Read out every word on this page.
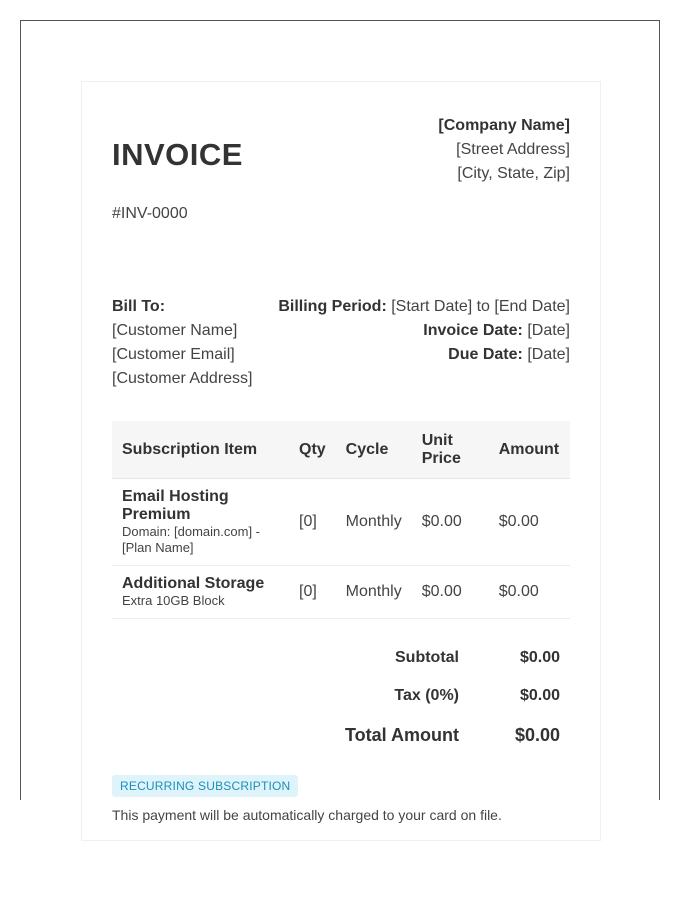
INVOICE
#INV-0000
[Company Name]
[Street Address]
[City, State, Zip]
Bill To:
[Customer Name]
[Customer Email]
[Customer Address]
Billing Period: [Start Date] to [End Date]
Invoice Date: [Date]
Due Date: [Date]
Subscription Item	Qty	Cycle	Unit Price	Amount

Email Hosting Premium
Domain: [domain.com] - [Plan Name]	[0]	Monthly	$0.00	$0.00

Additional Storage
Extra 10GB Block	[0]	Monthly	$0.00	$0.00
Subtotal	$0.00
Tax (0%)	$0.00
Total Amount	$0.00
RECURRING SUBSCRIPTION
This payment will be automatically charged to your card on file.
